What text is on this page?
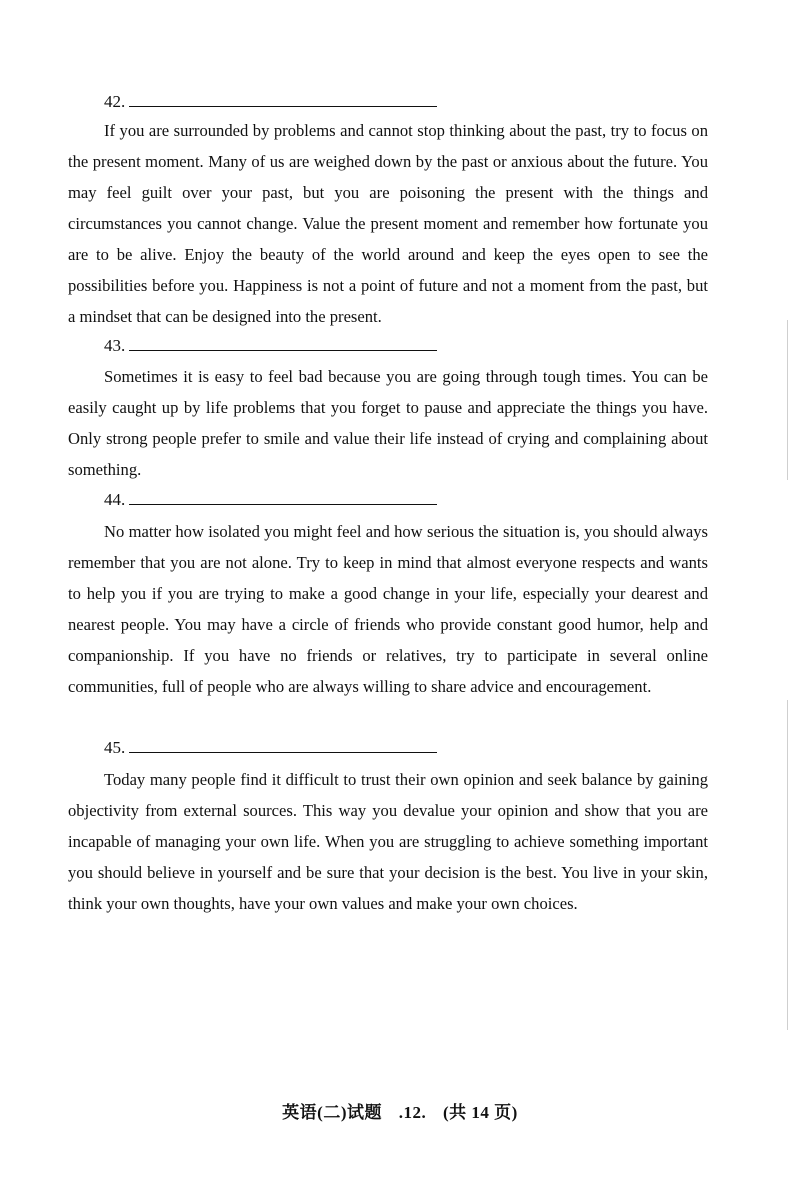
42.

If you are surrounded by problems and cannot stop thinking about the past, try to focus on the present moment. Many of us are weighed down by the past or anxious about the future. You may feel guilt over your past, but you are poisoning the present with the things and circumstances you cannot change. Value the present moment and remember how fortunate you are to be alive. Enjoy the beauty of the world around and keep the eyes open to see the possibilities before you. Happiness is not a point of future and not a moment from the past, but a mindset that can be designed into the present.

43.

Sometimes it is easy to feel bad because you are going through tough times. You can be easily caught up by life problems that you forget to pause and appreciate the things you have. Only strong people prefer to smile and value their life instead of crying and complaining about something.

44.

No matter how isolated you might feel and how serious the situation is, you should always remember that you are not alone. Try to keep in mind that almost everyone respects and wants to help you if you are trying to make a good change in your life, especially your dearest and nearest people. You may have a circle of friends who provide constant good humor, help and companionship. If you have no friends or relatives, try to participate in several online communities, full of people who are always willing to share advice and encouragement.

45.

Today many people find it difficult to trust their own opinion and seek balance by gaining objectivity from external sources. This way you devalue your opinion and show that you are incapable of managing your own life. When you are struggling to achieve something important you should believe in yourself and be sure that your decision is the best. You live in your skin, think your own thoughts, have your own values and make your own choices.

英语(二)试题 .12. (共 14 页)
